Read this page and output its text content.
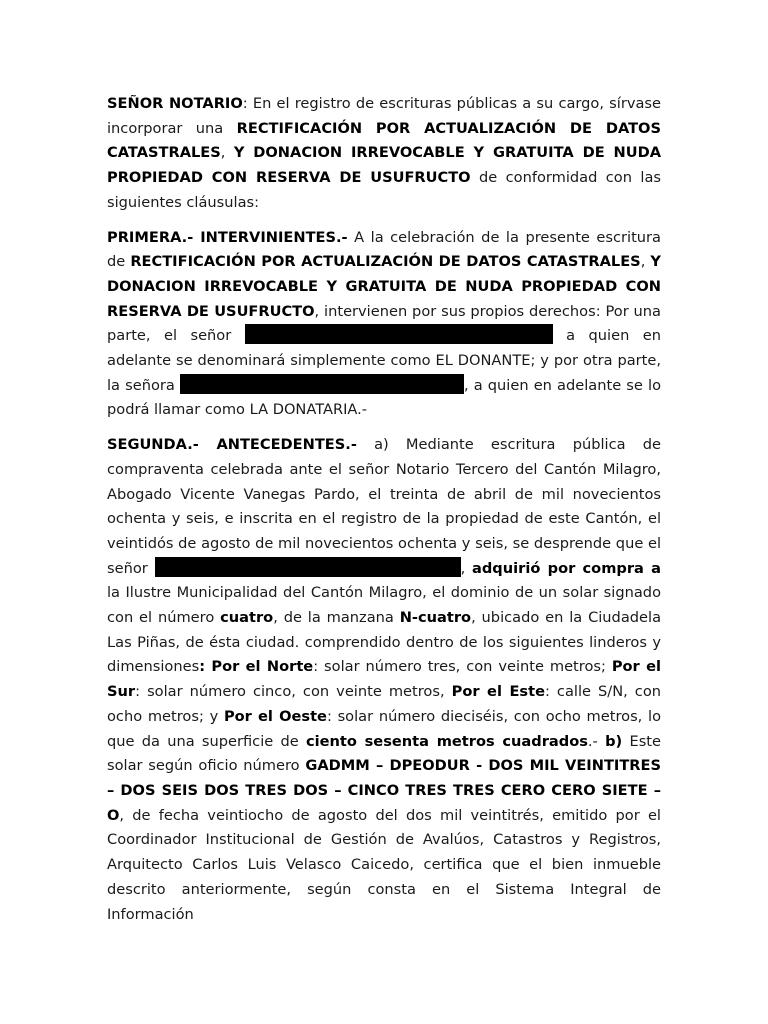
SEÑOR NOTARIO: En el registro de escrituras públicas a su cargo, sírvase incorporar una RECTIFICACIÓN POR ACTUALIZACIÓN DE DATOS CATASTRALES, Y DONACION IRREVOCABLE Y GRATUITA DE NUDA PROPIEDAD CON RESERVA DE USUFRUCTO de conformidad con las siguientes cláusulas:

PRIMERA.- INTERVINIENTES.- A la celebración de la presente escritura de RECTIFICACIÓN POR ACTUALIZACIÓN DE DATOS CATASTRALES, Y DONACION IRREVOCABLE Y GRATUITA DE NUDA PROPIEDAD CON RESERVA DE USUFRUCTO, intervienen por sus propios derechos: Por una parte, el señor	a quien en adelante se denominará simplemente como EL DONANTE; y por otra parte, la señora	, a quien en adelante se lo podrá llamar como LA DONATARIA.-

SEGUNDA.- ANTECEDENTES.- a) Mediante escritura pública de compraventa celebrada ante el señor Notario Tercero del Cantón Milagro, Abogado Vicente Vanegas Pardo, el treinta de abril de mil novecientos ochenta y seis, e inscrita en el registro de la propiedad de este Cantón, el veintidós de agosto de mil novecientos ochenta y seis, se desprende que el señor	, adquirió por compra a la Ilustre Municipalidad del Cantón Milagro, el dominio de un solar signado con el número cuatro, de la manzana N-cuatro, ubicado en la Ciudadela Las Piñas, de ésta ciudad. comprendido dentro de los siguientes linderos y dimensiones: Por el Norte: solar número tres, con veinte metros; Por el Sur: solar número cinco, con veinte metros, Por el Este: calle S/N, con ocho metros; y Por el Oeste: solar número dieciséis, con ocho metros, lo que da una superficie de ciento sesenta metros cuadrados.- b) Este solar según oficio número GADMM – DPEODUR - DOS MIL VEINTITRES – DOS SEIS DOS TRES DOS – CINCO TRES TRES CERO CERO SIETE – O, de fecha veintiocho de agosto del dos mil veintitrés, emitido por el Coordinador Institucional de Gestión de Avalúos, Catastros y Registros, Arquitecto Carlos Luis Velasco Caicedo, certifica que el bien inmueble descrito anteriormente, según consta en el Sistema Integral de Información
